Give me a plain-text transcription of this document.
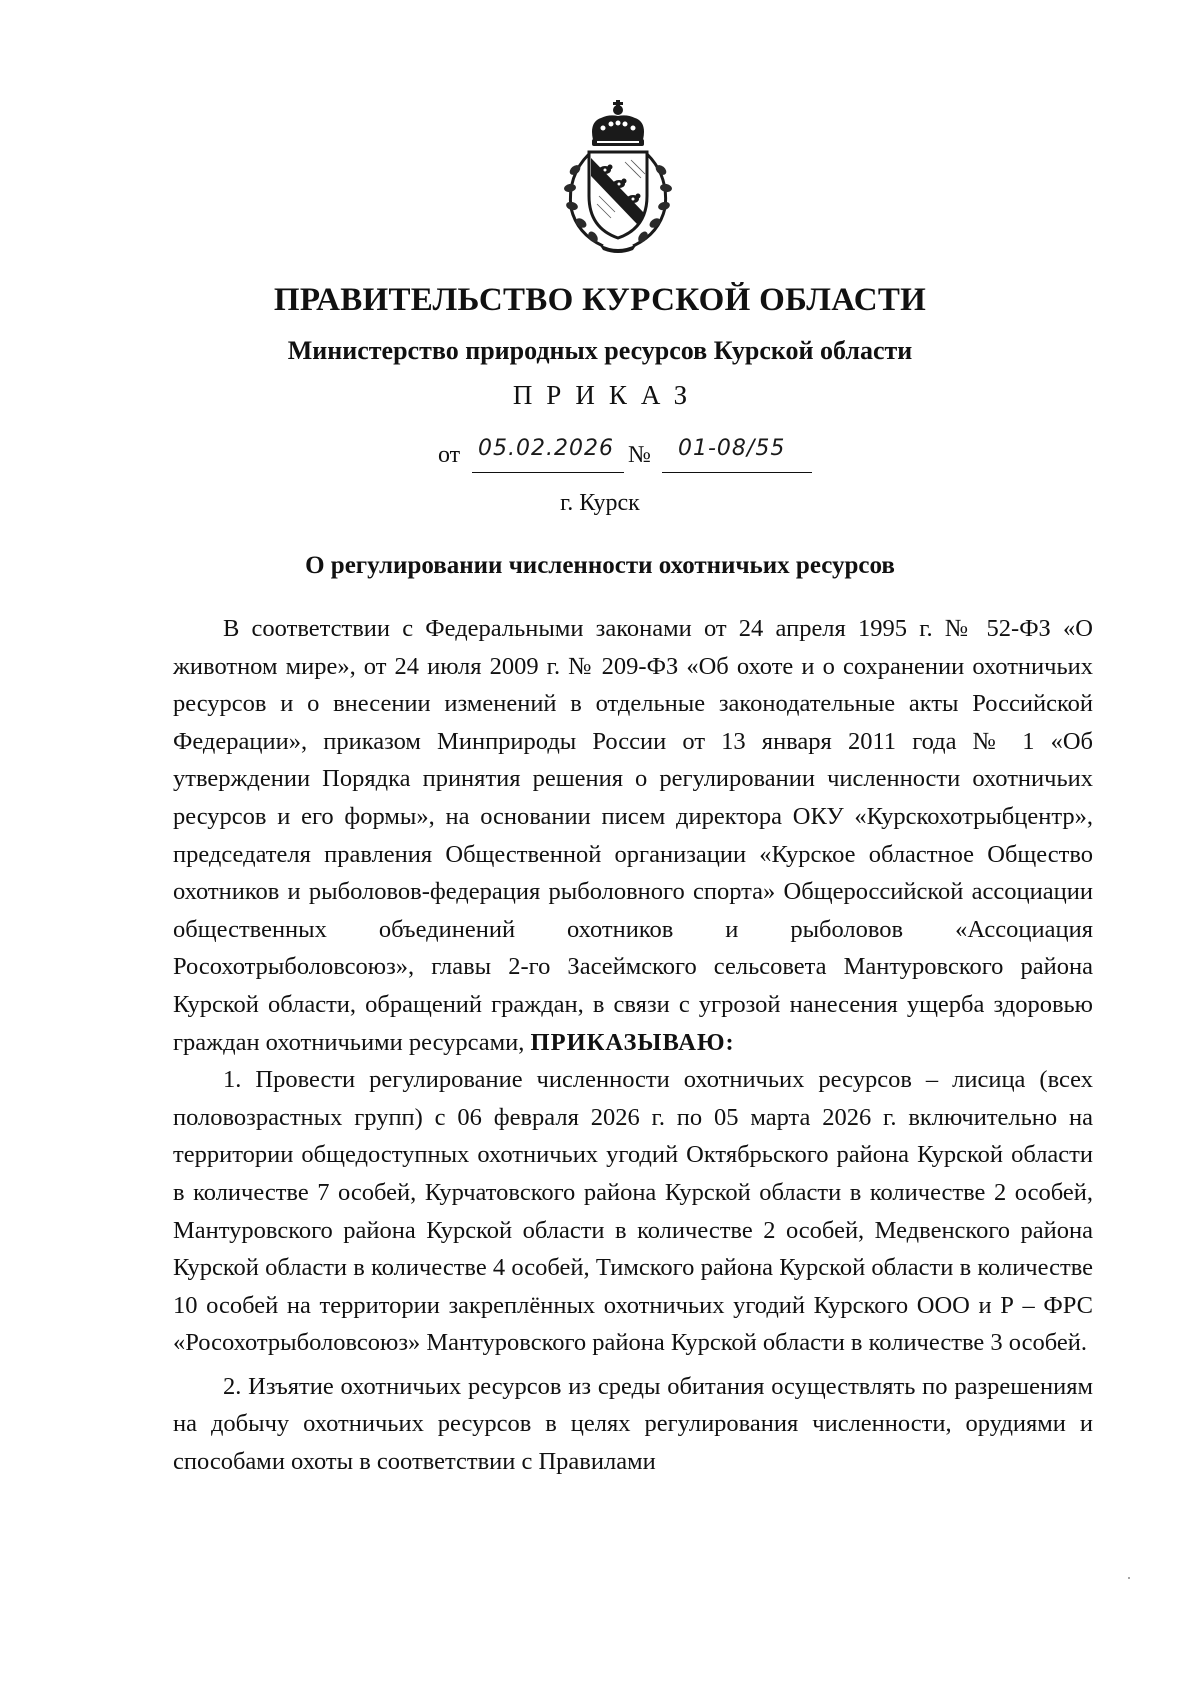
ПРАВИТЕЛЬСТВО КУРСКОЙ ОБЛАСТИ
Министерство природных ресурсов Курской области
ПРИКАЗ
от 05.02.2026 № 01-08/55
г. Курск
О регулировании численности охотничьих ресурсов

В соответствии с Федеральными законами от 24 апреля 1995 г. № 52-ФЗ «О животном мире», от 24 июля 2009 г. № 209-ФЗ «Об охоте и о сохранении охотничьих ресурсов и о внесении изменений в отдельные законодательные акты Российской Федерации», приказом Минприроды России от 13 января 2011 года № 1 «Об утверждении Порядка принятия решения о регулировании численности охотничьих ресурсов и его формы», на основании писем директора ОКУ «Курскохотрыбцентр», председателя правления Общественной организации «Курское областное Общество охотников и рыболовов-федерация рыболовного спорта» Общероссийской ассоциации общественных объединений охотников и рыболовов «Ассоциация Росохотрыболовсоюз», главы 2-го Засеймского сельсовета Мантуровского района Курской области, обращений граждан, в связи с угрозой нанесения ущерба здоровью граждан охотничьими ресурсами, ПРИКАЗЫВАЮ:

1. Провести регулирование численности охотничьих ресурсов – лисица (всех половозрастных групп) с 06 февраля 2026 г. по 05 марта 2026 г. включительно на территории общедоступных охотничьих угодий Октябрьского района Курской области в количестве 7 особей, Курчатовского района Курской области в количестве 2 особей, Мантуровского района Курской области в количестве 2 особей, Медвенского района Курской области в количестве 4 особей, Тимского района Курской области в количестве 10 особей на территории закреплённых охотничьих угодий Курского ООО и Р – ФРС «Росохотрыболовсоюз» Мантуровского района Курской области в количестве 3 особей.

2. Изъятие охотничьих ресурсов из среды обитания осуществлять по разрешениям на добычу охотничьих ресурсов в целях регулирования численности, орудиями и способами охоты в соответствии с Правилами
